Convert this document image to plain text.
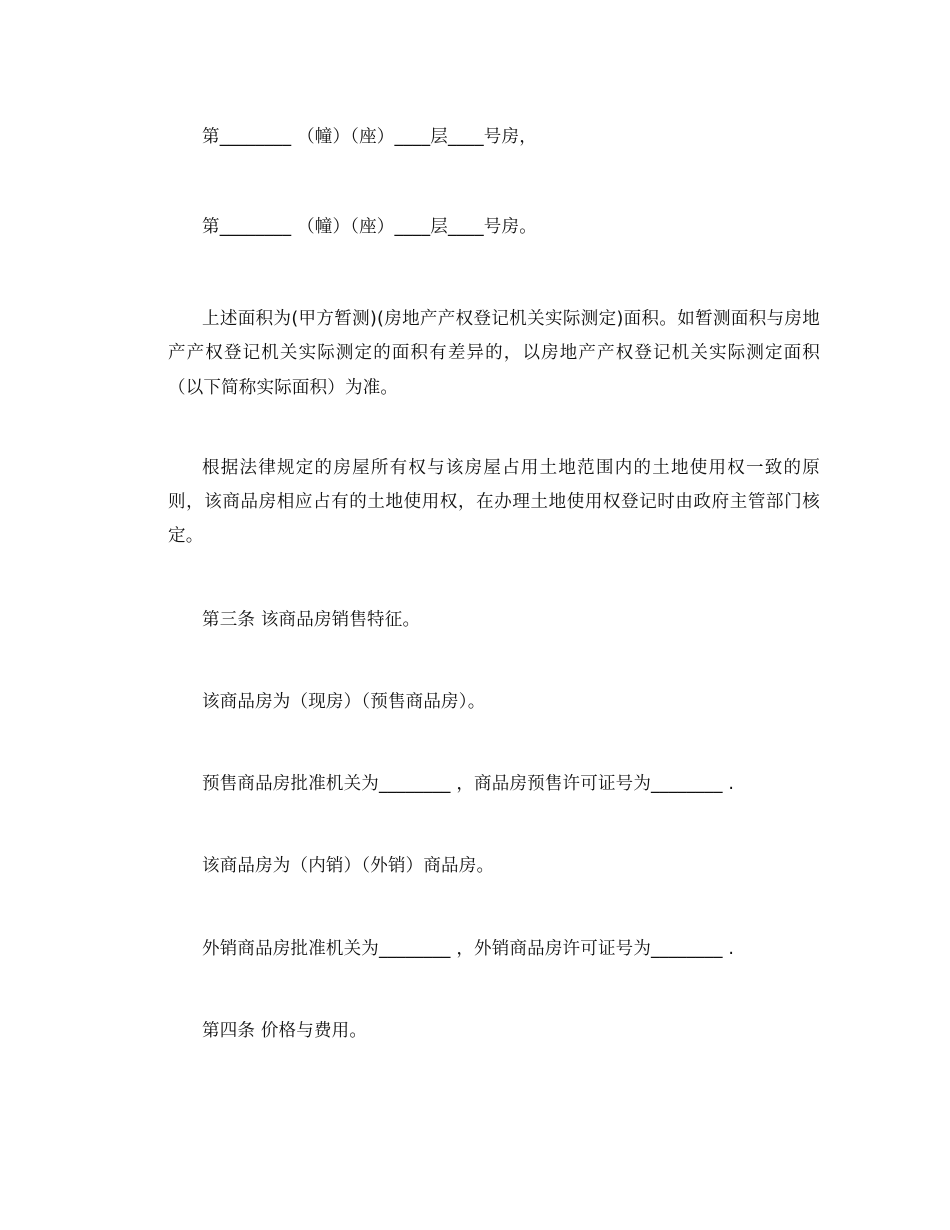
第________ （幢）（座）____层____号房，

第________ （幢）（座）____层____号房。

上述面积为(甲方暂测)(房地产产权登记机关实际测定)面积。如暂测面积与房地产产权登记机关实际测定的面积有差异的，以房地产产权登记机关实际测定面积（以下简称实际面积）为准。

根据法律规定的房屋所有权与该房屋占用土地范围内的土地使用权一致的原则，该商品房相应占有的土地使用权，在办理土地使用权登记时由政府主管部门核定。

第三条 该商品房销售特征。

该商品房为（现房）（预售商品房）。

预售商品房批准机关为________ ，商品房预售许可证号为________ .

该商品房为（内销）（外销）商品房。

外销商品房批准机关为________ ，外销商品房许可证号为________ .

第四条 价格与费用。
